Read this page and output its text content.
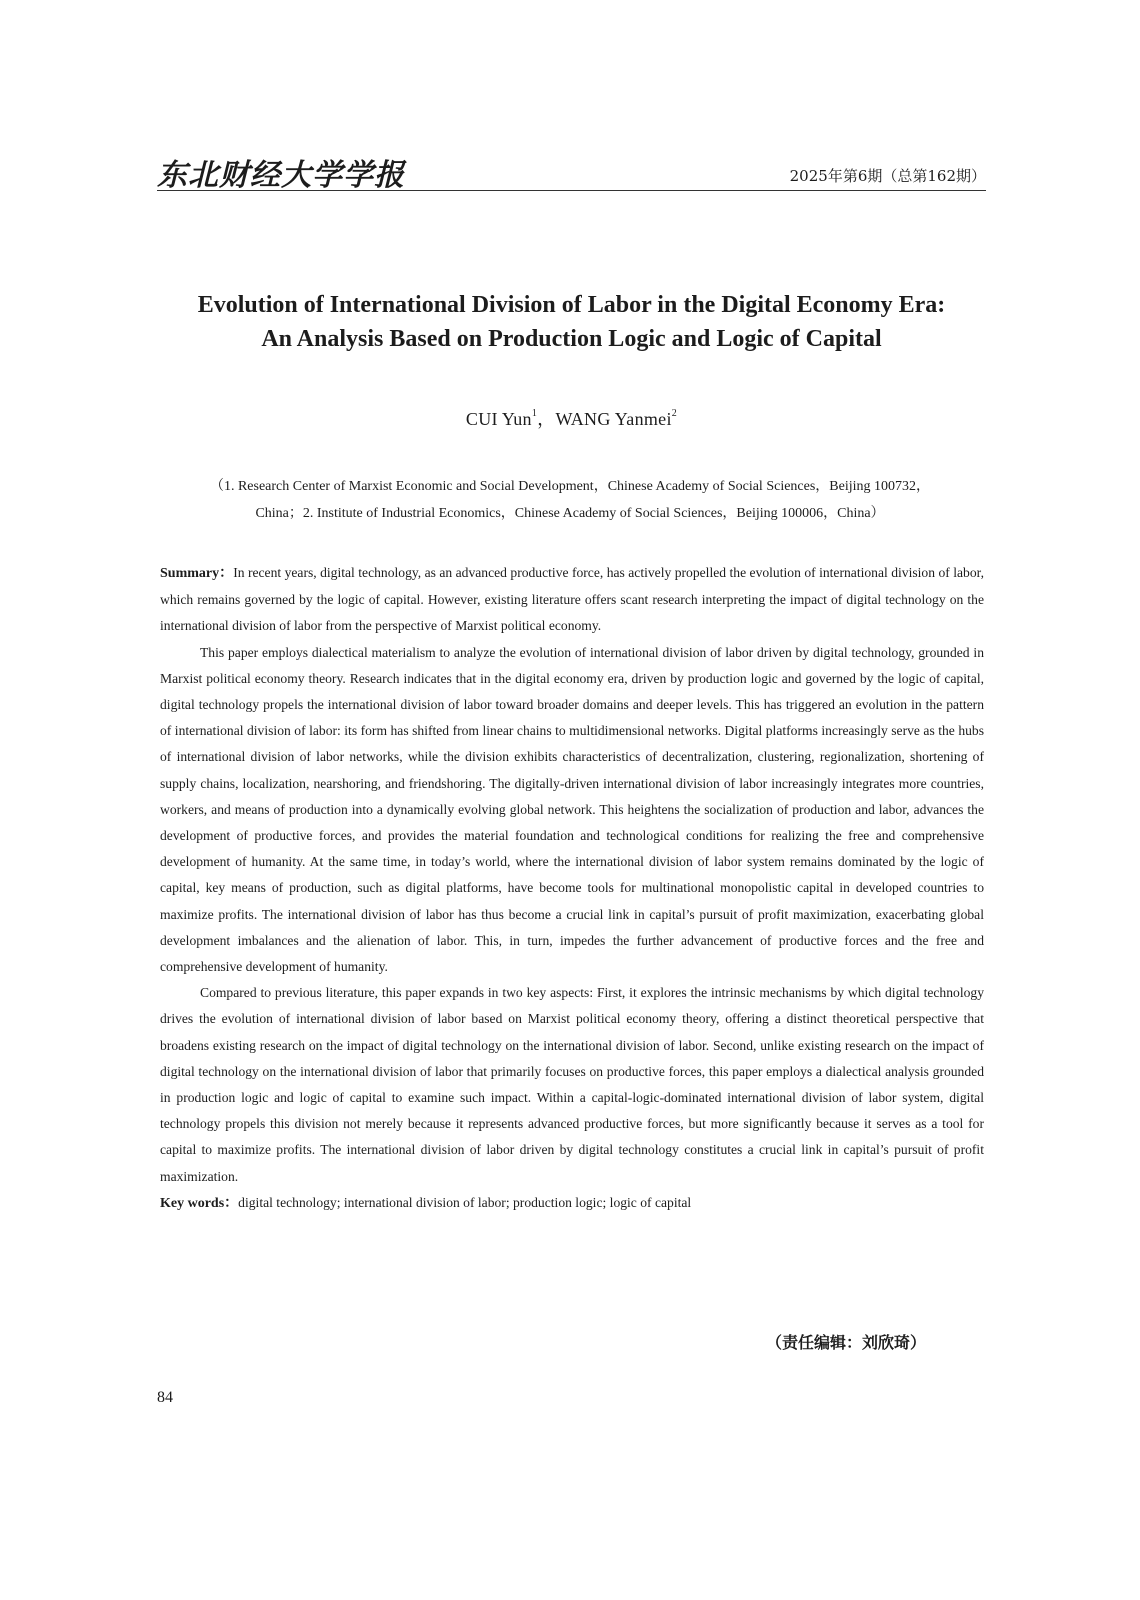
东北财经大学学报	2025年第6期（总第162期）
Evolution of International Division of Labor in the Digital Economy Era:
An Analysis Based on Production Logic and Logic of Capital
CUI Yun$^1$，WANG Yanmei$^2$
（1. Research Center of Marxist Economic and Social Development，Chinese Academy of Social Sciences，Beijing 100732，
China；2. Institute of Industrial Economics，Chinese Academy of Social Sciences，Beijing 100006，China）

Summary：In recent years, digital technology, as an advanced productive force, has actively propelled the evolution of international division of labor, which remains governed by the logic of capital. However, existing literature offers scant research interpreting the impact of digital technology on the international division of labor from the perspective of Marxist political economy.

This paper employs dialectical materialism to analyze the evolution of international division of labor driven by digital technology, grounded in Marxist political economy theory. Research indicates that in the digital economy era, driven by production logic and governed by the logic of capital, digital technology propels the international division of labor toward broader domains and deeper levels. This has triggered an evolution in the pattern of international division of labor: its form has shifted from linear chains to multidimensional networks. Digital platforms increasingly serve as the hubs of international division of labor networks, while the division exhibits characteristics of decentralization, clustering, regionalization, shortening of supply chains, localization, nearshoring, and friendshoring. The digitally-driven international division of labor increasingly integrates more countries, workers, and means of production into a dynamically evolving global network. This heightens the socialization of production and labor, advances the development of productive forces, and provides the material foundation and technological conditions for realizing the free and comprehensive development of humanity. At the same time, in today’s world, where the international division of labor system remains dominated by the logic of capital, key means of production, such as digital platforms, have become tools for multinational monopolistic capital in developed countries to maximize profits. The international division of labor has thus become a crucial link in capital’s pursuit of profit maximization, exacerbating global development imbalances and the alienation of labor. This, in turn, impedes the further advancement of productive forces and the free and comprehensive development of humanity.

Compared to previous literature, this paper expands in two key aspects: First, it explores the intrinsic mechanisms by which digital technology drives the evolution of international division of labor based on Marxist political economy theory, offering a distinct theoretical perspective that broadens existing research on the impact of digital technology on the international division of labor. Second, unlike existing research on the impact of digital technology on the international division of labor that primarily focuses on productive forces, this paper employs a dialectical analysis grounded in production logic and logic of capital to examine such impact. Within a capital-logic-dominated international division of labor system, digital technology propels this division not merely because it represents advanced productive forces, but more significantly because it serves as a tool for capital to maximize profits. The international division of labor driven by digital technology constitutes a crucial link in capital’s pursuit of profit maximization.

Key words：digital technology; international division of labor; production logic; logic of capital

（责任编辑：刘欣琦）
84
